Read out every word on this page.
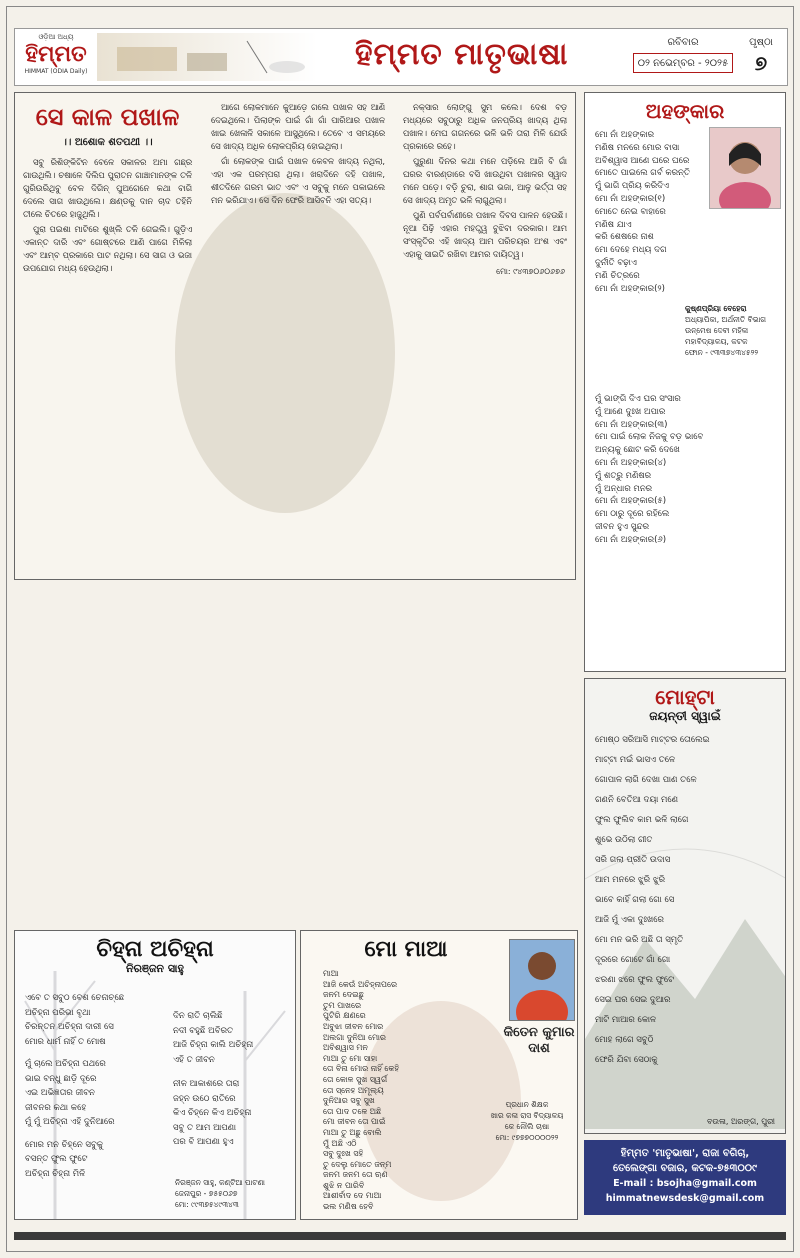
ଓଡ଼ିଆ ଅଧ୍ୟ
ହିମ୍ମତ
HIMMAT (ODIA Daily)	ହିମ୍ମତ ମାତୃଭାଷା	ରବିବାର
୦୨ ନଭେମ୍ବର - ୨୦୨୫
ପୃଷ୍ଠା
୭
ସେ କାଳ ପଖାଳ
।। ଅଶୋକ ଶତପଥୀ ।।

ସବୁ ରିଶିଙ୍କିଟିନ ବେଳେ ସକାଳର ଅମା ଗଛ୍ର ଗାଉଥିଲି। ଚଷାଳେ ଦିଲିପ ପୁରାତନ ଗାଞ୍ଚାମାନଙ୍କ ତଳି ଗୁରିଉରିଥିବୁ ବେଳ ଦିଗିନ୍ ପୁଅଗେନେ କଥା ବାଗି ଦେଲେ ସାଗ ଖାଉଥିଲେ। କ୍ଷଣ୍ଡକୁ ଦାନ ଚାଦ ତହିନି ତୀଲେ ଚିତରେ ହାଜୁଥିଲି।

ପୁରା ପଇଶା ମାଟିରେ ଶୁଖ୍ଲି ତଳି ଗେଇଲି। ଗୁଡ଼ିଏ ଏକାନ୍ତ ଦାରି ଏବଂ ଗୋଷ୍ଟରେ ଆଣି ପାଗେ ମିଳିଲା ଏବଂ ଆମ୍ବ ପ୍ରକାରେ ପାଟ ନଥିଲା। ସେ ସାଗ ଓ ଭଜା ଉପଯୋଗ ମଧ୍ୟ ହେଉଥିଲା।

ଆଗେ ଲୋକମାନେ କୁଆଡ଼େ ଗଲେ ପଖାଳ ସହ ଆଣି ଦେଇଥିଲେ। ପିଲାଙ୍କ ପାଇଁ ଗାଁ ଗାଁ ପାରିଆର ପଖାଳ ଖାଇ ଖେଳାଳି ସକାଳେ ଆସୁଥିଲେ। ତେବେ ଏ ସମୟରେ ସେ ଖାଦ୍ୟ ଅଧିକ ଲୋକପ୍ରିୟ ହୋଇଥିଲା।

ଗାଁ ଲୋକଙ୍କ ପାଇଁ ପଖାଳ କେବଳ ଖାଦ୍ୟ ନଥିଲା, ଏହା ଏକ ପରମ୍ପରା ଥିଲା। ଖରାଦିନେ ଦହି ପଖାଳ, ଶୀତଦିନେ ଗରମ ଭାତ ଏବଂ ଏ ସବୁକୁ ମନେ ପକାଇଲେ ମନ ଭରିଯାଏ। ସେ ଦିନ ଫେରି ଆସିବନି ଏହା ସତ୍ୟ।

ନକ୍ସାର ଲୋଙ୍ଗୁ ସୁମ କଲେ। ଦେଶ ବଡ଼ ମଧ୍ୟରେ ସବୁଠାରୁ ଅଧିକ ଜନପ୍ରିୟ ଖାଦ୍ୟ ଥିଲା ପଖାଳ। ମେଘ ଗଗନରେ ଭଳି ଭଳି ତାରା ମିଳି ଯେଉଁ ପ୍ରକାରେ ରହେ।

ପୁରୁଣା ଦିନର କଥା ମନେ ପଡ଼ିଲେ ଆଜି ବି ଗାଁ ଘରର ବାରଣ୍ଡାରେ ବସି ଖାଉଥିବା ପଖାଳର ସ୍ୱାଦ ମନେ ପଡ଼େ। ବଡ଼ି ଚୁରା, ଶାଗ ଭଜା, ଆଳୁ ଭର୍ତ୍ତା ସହ ସେ ଖାଦ୍ୟ ଅମୃତ ଭଳି ଲାଗୁଥିଲା।

ପୁଣି ପର୍ବପର୍ବାଣୀରେ ପଖାଳ ଦିବସ ପାଳନ ହେଉଛି। ନୂଆ ପିଢ଼ି ଏହାର ମହତ୍ତ୍ୱ ବୁଝିବା ଦରକାର। ଆମ ସଂସ୍କୃତିର ଏହି ଖାଦ୍ୟ ଆମ ପରିଚୟର ଅଂଶ ଏବଂ ଏହାକୁ ସାଇତି ରଖିବା ଆମର ଦାୟିତ୍ୱ।

ମୋ: ୯୪୩୭୦୬୦୬୭୬
ଅହଙ୍କାର
ମୋ ନାଁ ଅହଙ୍କାର
ମଣିଷ ମନରେ ମୋର ବାସା
ଅବିଶ୍ୱାସ ଆଣେ ଘରେ ଘରେ
ମୋତେ ପାଇଲେ ଗର୍ବ କରନ୍ତି
ମୁଁ ଭାଗି ପ୍ରିୟ କରିଦିଏ
ମୋ ନାଁ ଅହଙ୍କାର(୧)
ମୋତେ ନେଇ ବାହାରେ
ମଣିଷ ଯାଏ
କରି ଶେଷରେ ନାଶ
ମୋ ଦେହେ ମଧ୍ୟ ଦଗ
ଦୁର୍ନୀତି ବଢ଼ାଏ
ମଣି ଚିତ୍ରରେ
ମୋ ନାଁ ଅହଙ୍କାର(୨)
କୁଷ୍ଣପ୍ରିୟା ବେହେରା
ଅଧ୍ୟାପିକା, ଅର୍ଥନୀତି ବିଭାଗ
ଉନ୍ମେଷ ଦେବୀ ମହିଳା ମହାବିଦ୍ୟାଳୟ, କଟକ
ଫୋନ - ୯୩୩୭୪୩୪୫୨୨
ମୁଁ ଭାଙ୍ଗି ଦିଏ ଘର ସଂସାର
ମୁଁ ଆଣେ ଦୁଃଖ ଅପାର
ମୋ ନାଁ ଅହଙ୍କାର(୩)
ମୋ ପାଇଁ ଲୋକ ନିଜକୁ ବଡ଼ ଭାବେ
ଅନ୍ୟକୁ ଛୋଟ କରି ଦେଖେ
ମୋ ନାଁ ଅହଙ୍କାର(୪)
ମୁଁ ଶତ୍ରୁ ମଣିଷର
ମୁଁ ଅନ୍ଧାର ମନର
ମୋ ନାଁ ଅହଙ୍କାର(୫)
ମୋ ଠାରୁ ଦୂରେ ରହିଲେ
ଜୀବନ ହୁଏ ସୁନ୍ଦର
ମୋ ନାଁ ଅହଙ୍କାର(୬)
ମୋହ୍ଟା
ଜୟନ୍ତୀ ସ୍ୱାଇଁ
ମୋଷ୍ଠ ସରିଆସି ମାଟ୍ଟର ତୋଲେଇ
ମାଟ୍ଟା ମଇଁ ଭାସଏ ତଳେ
ଗୋପାଳ ଲାଗି ଦେଖା ପାଣ ତଳେ
ଗଣନି ବେତିଆ ଦୟା ମଣେ
ଫୁଲ ଫୁଲିବ କାମ ଭଳି ଲାଗେ
ଶୁଭେ ଉଠିଲା ଗୀତ
ସରି ଗଲା ପ୍ରୀତି ଉଦାସ
ଆମ ମନରେ ଝୁରି ଝୁରି
ଭାବେ କାହିଁ ଗଲା ଗୋ ସେ
ଆଜି ମୁଁ ଏକା ଦୁଃଖରେ
ମୋ ମନ ଭରି ଅଛି ତା ସ୍ମୃତି
ଦୂରରେ ଗୋଟେ ଗାଁ ଗୋ
ଝରଣା ଝରେ ଫୁଲ ଫୁଟେ
ସେଇ ଘର ସେଇ ଦୁଆର
ମାଟି ମାଆର କୋଳ
ମୋହ ଲାଗେ ସବୁଠି
ଫେରି ଯିବା ସେଠାକୁ
ବଉଳା, ଅରଙ୍ଗ, ପୁରୀ
ଚିହ୍ନା ଅଚିହ୍ନା
ନିରଞ୍ଜନ ସାହୁ
ଏବେ ତ ସବୁଠ ବେଶ ଚେନାଚ୍ଛେ
ଅଚିହ୍ନା ପରିଭା ବୃଥା
ଚିରନ୍ତନ ଅଚିହ୍ନା ଦାରୀ ସେ
ମୋର ଧାର୍ମ ନାହିଁ ତ ମୋଷ
ମୁଁ ଚାଲେ ଅଚିହ୍ନା ପଥରେ
ଭାଇ ବନ୍ଧୁ ଛାଡ଼ି ଦୂରେ
ଏଇ ଅଭିଜ୍ଞତାର ଜୀବନ
ଜୀବନର କଥା କହେ
ମୁଁ ମୁଁ ଅଚିହ୍ନା ଏହି ଦୁନିଆରେ
ମୋର ମନ ଚିହ୍ନେ ସବୁକୁ
ବସନ୍ତ ଫୁଲ ଫୁଟେ
ଅଚିହ୍ନା ଚିହ୍ନା ମିଳି
ଦିନ ରାତି ଚାଲିଛି
ନଦୀ ବହୁଛି ଅବିରତ
ଆଜି ଚିହ୍ନା କାଲି ଅଚିହ୍ନା
ଏହି ତ ଜୀବନ
ନୀଳ ଆକାଶରେ ତାରା
ଜହ୍ନ ଉଠେ ରାତିରେ
କିଏ ଚିହ୍ନେ କିଏ ଅଚିହ୍ନା
ସବୁ ତ ଆମ ଆପଣା
ପର ବି ଆପଣା ହୁଏ
ନିରଞ୍ଜନ ସାହୁ, କଣ୍ଟିଆ ପାଟଣା
ଜେନାପୁର - ୭୫୫୦୬୭
ମୋ: ୯୯୩୭୫୪୯୩୪୩
ମୋ ମାଆ
କିତେନ କୁମାର ଦାଶ
ମାଆ
ଆଜି କେଉଁ ଅଚିହ୍ନାପରେ
ଜନମ ଦେଇଛୁ
ତୁମ ପାଖରେ
ପୁଟିରି କ୍ଷଣରେ
ଅବୁଝା ଜୀବନ ମୋର
ଅଲଗା ଦୁନିଆ ମୋର
ଅବିଶ୍ୱାସ ମନ
ମାଆ ତୁ ମୋ ସାହା
ତୋ ବିନା ମୋର ନାହିଁ କେହି
ତୋ କୋଳ ସୁଖ ସ୍ୱର୍ଗ
ତୋ ସ୍ନେହ ଅମୂଲ୍ୟ
ଦୁନିଆର ସବୁ ସୁଖ
ତୋ ପାଦ ତଳେ ଅଛି
ମୋ ଜୀବନ ତୋ ପାଇଁ
ମାଆ ତୁ ଅଛୁ ବୋଲି
ମୁଁ ଅଛି ଏଠି
ସବୁ ଦୁଃଖ ସହି
ତୁ ଦେଲୁ ମୋତେ ଜନ୍ମ
ଜନମ ଜନମ ତୋ ଋଣ
ଶୁଝି ନ ପାରିବି
ଆଶୀର୍ବାଦ ଦେ ମାଆ
ଭଲ ମଣିଷ ହେବି
ପ୍ରଧାନ ଶିକ୍ଷକ
ଖାର କଳା ରାସ ବିଦ୍ୟାଳୟ
କେ ନୌଲି ଚାଷା
ମୋ: ୯୭୭୭୦୦୦୦୨୨
ହିମ୍ମତ 'ମାତୃଭାଷା', ରାଜା ବଗିଚା,
ତେଲେଙ୍ଗା ବଜାର, କଟକ-୭୫୩୦୦୯
E-mail : bsojha@gmail.com
himmatnewsdesk@gmail.com
